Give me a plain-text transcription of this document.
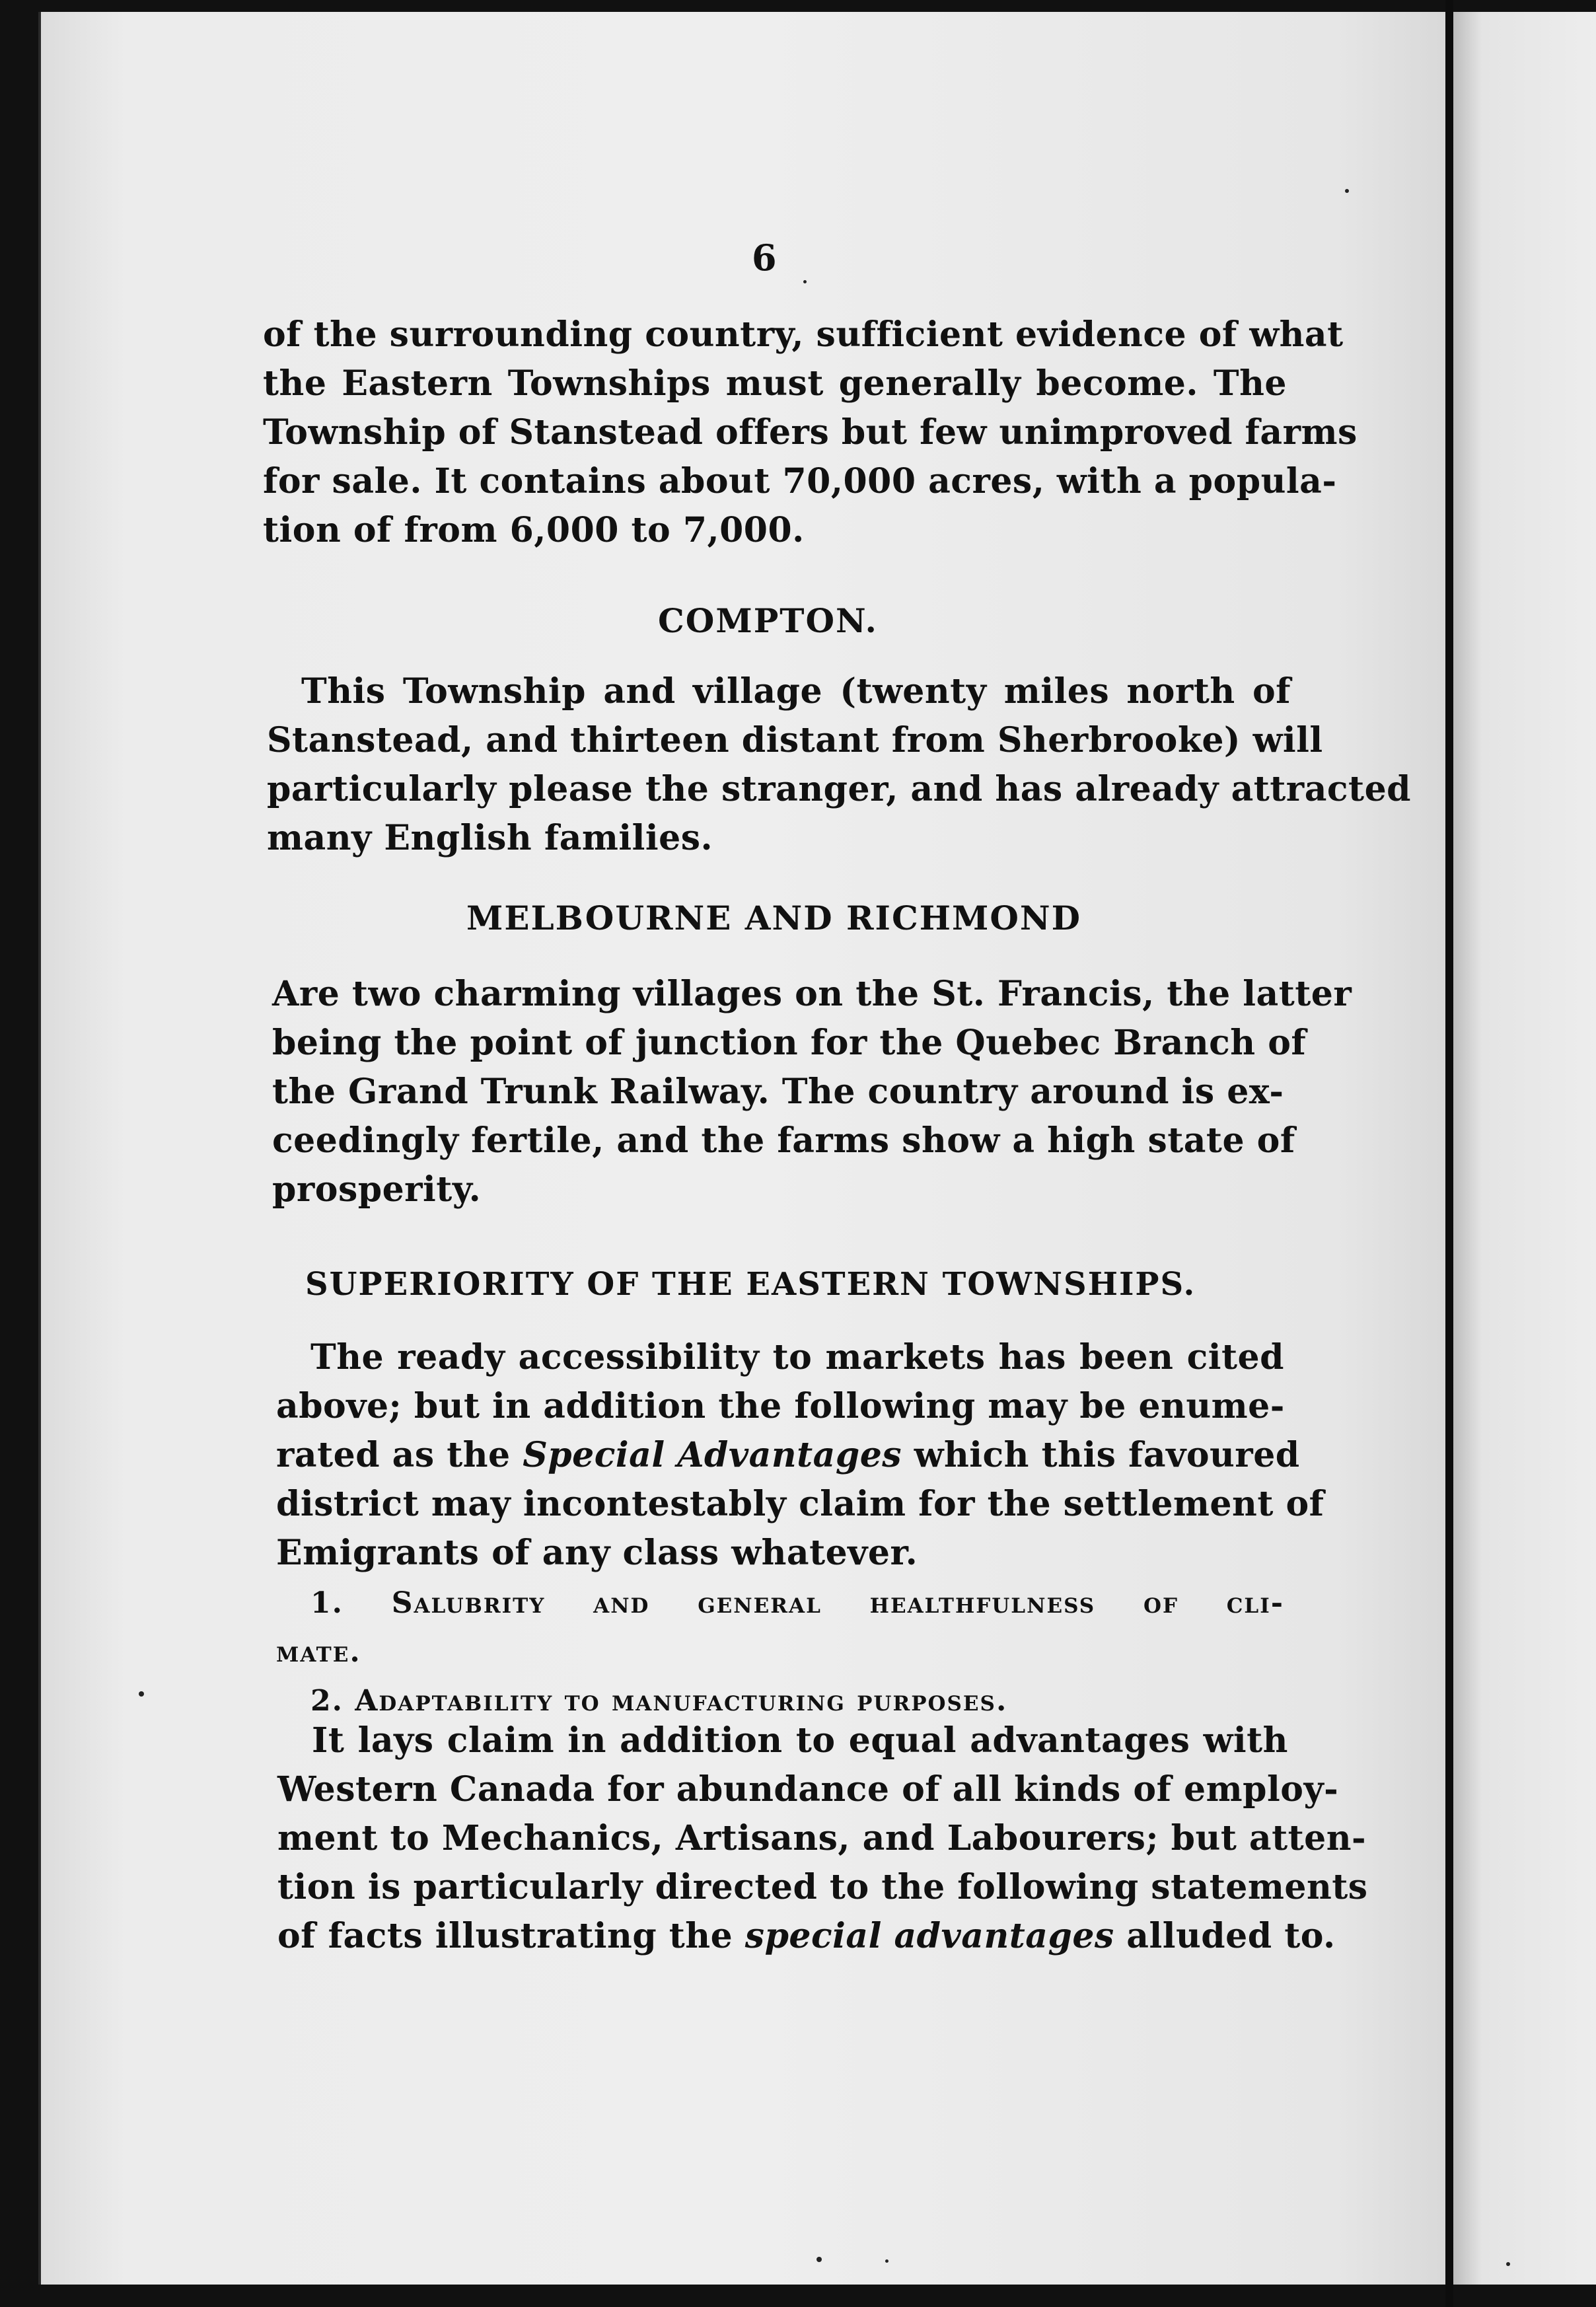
6
of the surrounding country, sufficient evidence of what
the Eastern Townships must generally become. The
Township of Stanstead offers but few unimproved farms
for sale. It contains about 70,000 acres, with a popula-
tion of from 6,000 to 7,000.
COMPTON.
This Township and village (twenty miles north of
Stanstead, and thirteen distant from Sherbrooke) will
particularly please the stranger, and has already attracted
many English families.
MELBOURNE AND RICHMOND
Are two charming villages on the St. Francis, the latter
being the point of junction for the Quebec Branch of
the Grand Trunk Railway. The country around is ex-
ceedingly fertile, and the farms show a high state of
prosperity.
SUPERIORITY OF THE EASTERN TOWNSHIPS.
The ready accessibility to markets has been cited
above; but in addition the following may be enume-
rated as the Special Advantages which this favoured
district may incontestably claim for the settlement of
Emigrants of any class whatever.
1. Salubrity and general healthfulness of cli-
mate.
2. Adaptability to manufacturing purposes.
It lays claim in addition to equal advantages with
Western Canada for abundance of all kinds of employ-
ment to Mechanics, Artisans, and Labourers; but atten-
tion is particularly directed to the following statements
of facts illustrating the special advantages alluded to.
